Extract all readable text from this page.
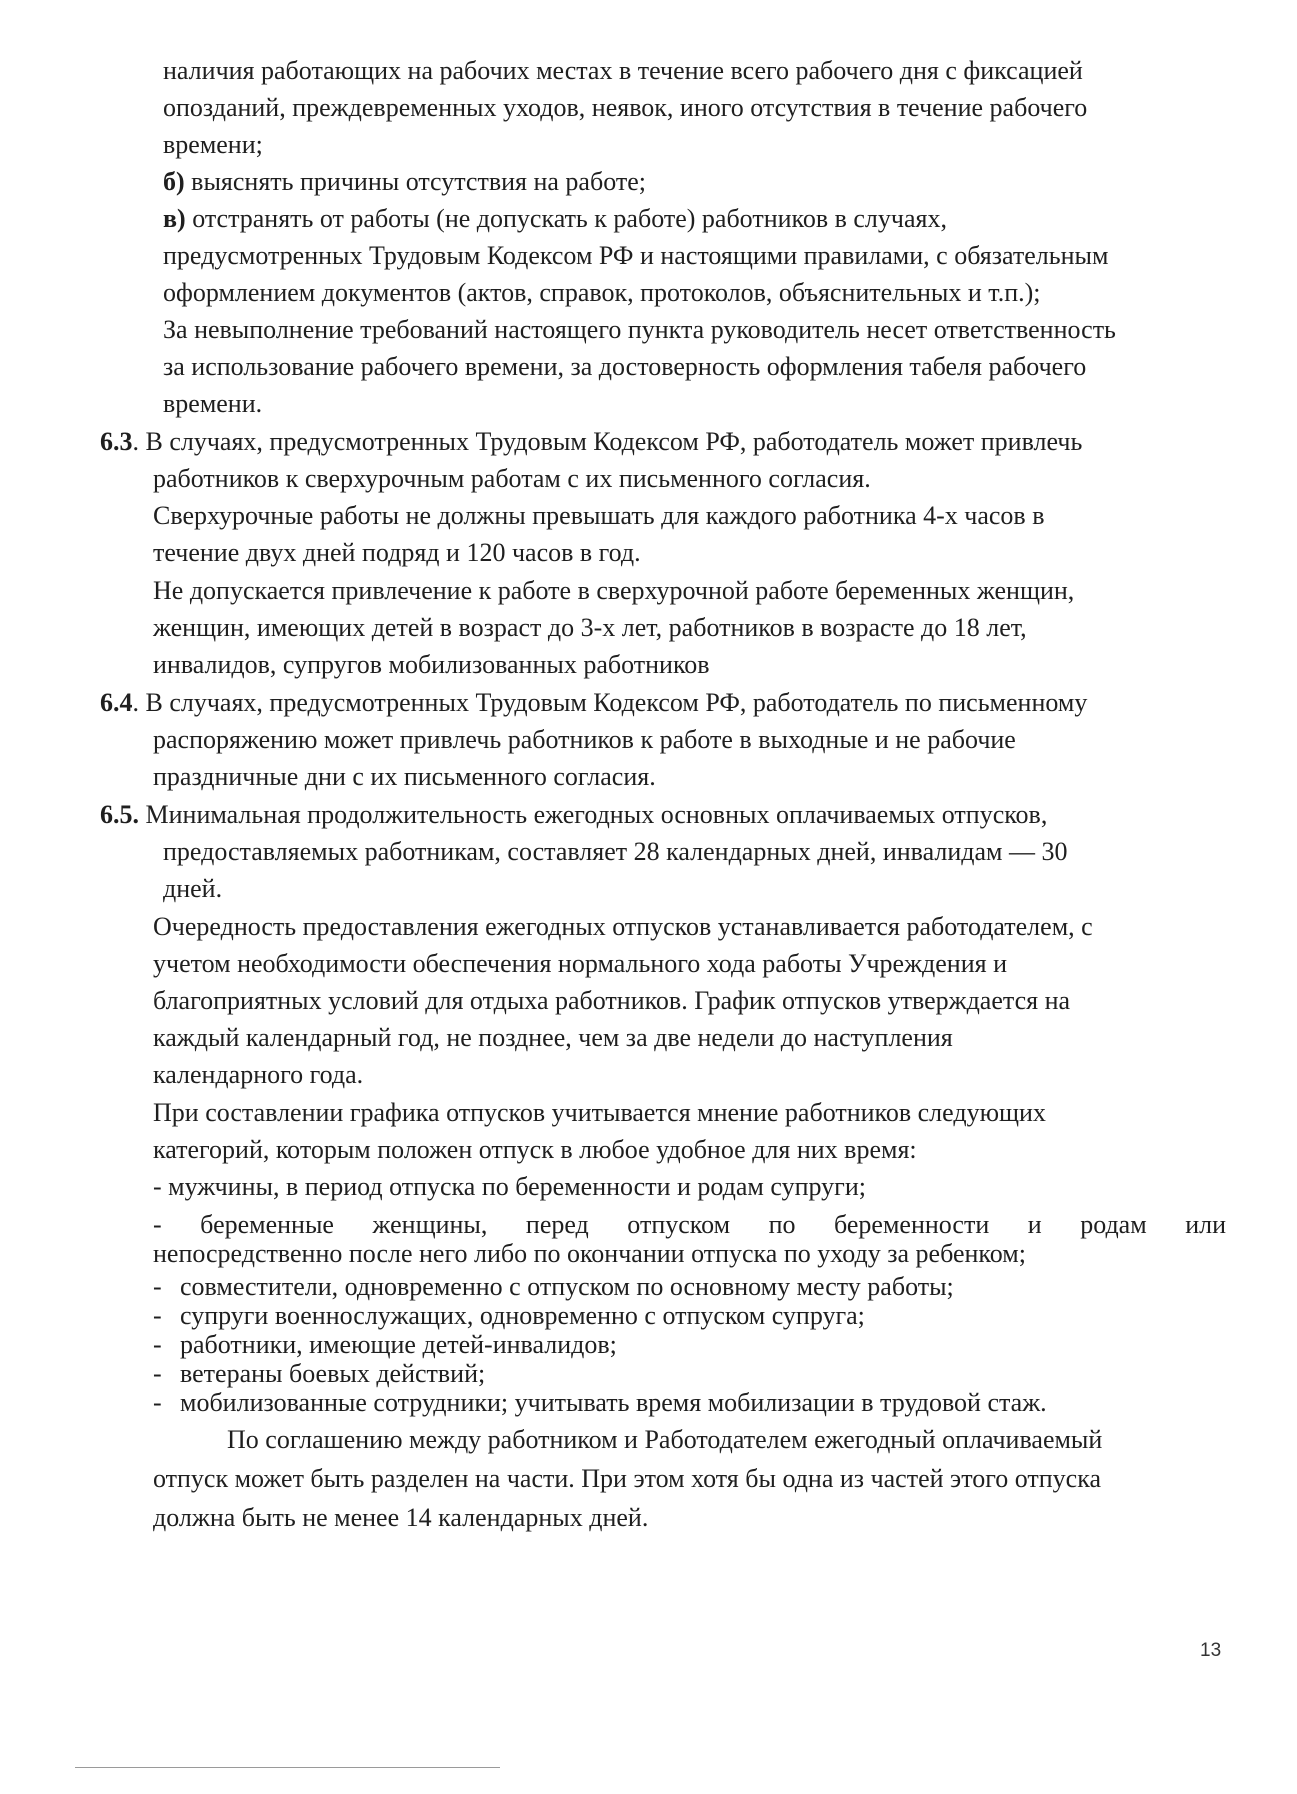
наличия работающих на рабочих местах в течение всего рабочего дня с фиксацией
опозданий, преждевременных уходов, неявок, иного отсутствия в течение рабочего
времени;
б) выяснять причины отсутствия на работе;
в) отстранять от работы (не допускать к работе) работников в случаях,
предусмотренных Трудовым Кодексом РФ и настоящими правилами, с обязательным
оформлением документов (актов, справок, протоколов, объяснительных и т.п.);
За невыполнение требований настоящего пункта руководитель несет ответственность
за использование рабочего времени, за достоверность оформления табеля рабочего
времени.
6.3. В случаях, предусмотренных Трудовым Кодексом РФ, работодатель может привлечь
работников к сверхурочным работам с их письменного согласия.
Сверхурочные работы не должны превышать для каждого работника 4-х часов в
течение двух дней подряд и 120 часов в год.
Не допускается привлечение к работе в сверхурочной работе беременных женщин,
женщин, имеющих детей в возраст до 3-х лет, работников в возрасте до 18 лет,
инвалидов, супругов мобилизованных работников
6.4. В случаях, предусмотренных Трудовым Кодексом РФ, работодатель по письменному
распоряжению может привлечь работников к работе в выходные и не рабочие
праздничные дни с их письменного согласия.
6.5. Минимальная продолжительность ежегодных основных оплачиваемых отпусков,
предоставляемых работникам, составляет 28 календарных дней, инвалидам — 30
дней.
Очередность предоставления ежегодных отпусков устанавливается работодателем, с
учетом необходимости обеспечения нормального хода работы Учреждения и
благоприятных условий для отдыха работников. График отпусков утверждается на
каждый календарный год, не позднее, чем за две недели до наступления
календарного года.
При составлении графика отпусков учитывается мнение работников следующих
категорий, которым положен отпуск в любое удобное для них время:
- мужчины, в период отпуска по беременности и родам супруги;
- беременные женщины, перед отпуском по беременности и родам или
непосредственно после него либо по окончании отпуска по уходу за ребенком;
- совместители, одновременно с отпуском по основному месту работы;
- супруги военнослужащих, одновременно с отпуском супруга;
- работники, имеющие детей-инвалидов;
- ветераны боевых действий;
- мобилизованные сотрудники; учитывать время мобилизации в трудовой стаж.
По соглашению между работником и Работодателем ежегодный оплачиваемый
отпуск может быть разделен на части. При этом хотя бы одна из частей этого отпуска
должна быть не менее 14 календарных дней.
13
